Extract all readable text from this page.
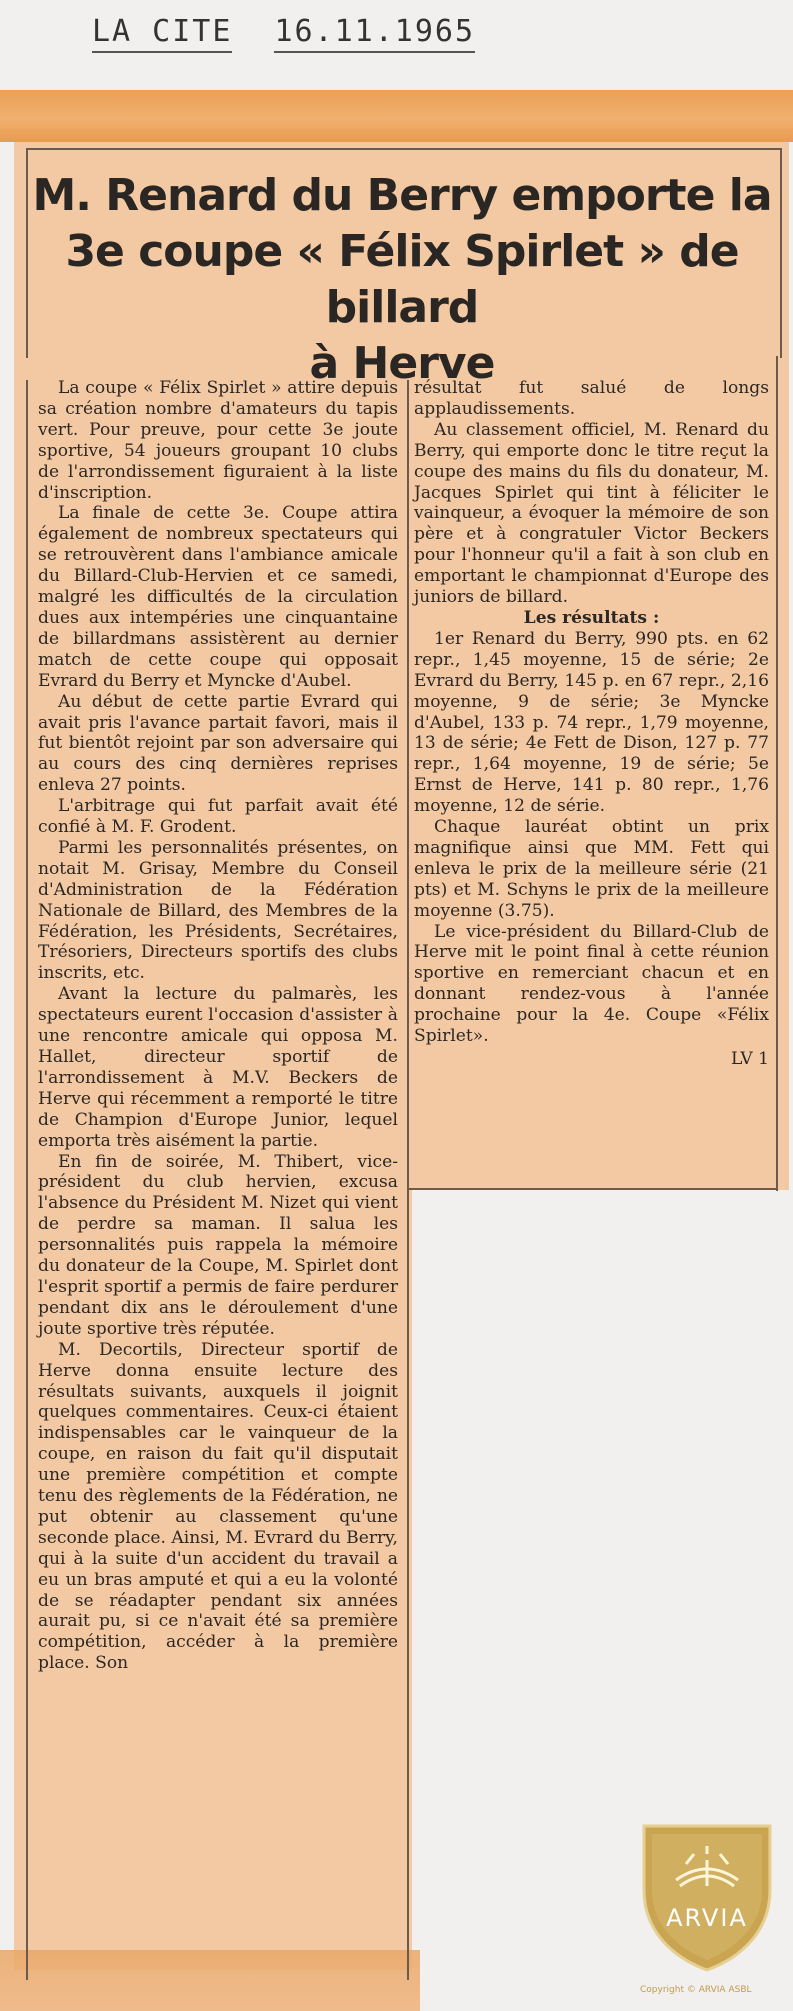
LA CITE 16.11.1965
M. Renard du Berry emporte la
3e coupe « Félix Spirlet » de billard
à Herve

La coupe « Félix Spirlet » attire depuis sa création nombre d'amateurs du tapis vert. Pour preuve, pour cette 3e joute sportive, 54 joueurs groupant 10 clubs de l'arrondissement figuraient à la liste d'inscription.

La finale de cette 3e. Coupe attira également de nombreux spectateurs qui se retrouvèrent dans l'ambiance amicale du Billard-Club-Hervien et ce samedi, malgré les difficultés de la circulation dues aux intempéries une cinquantaine de billardmans assistèrent au dernier match de cette coupe qui opposait Evrard du Berry et Myncke d'Aubel.

Au début de cette partie Evrard qui avait pris l'avance partait favori, mais il fut bientôt rejoint par son adversaire qui au cours des cinq dernières reprises enleva 27 points.

L'arbitrage qui fut parfait avait été confié à M. F. Grodent.

Parmi les personnalités présentes, on notait M. Grisay, Membre du Conseil d'Administration de la Fédération Nationale de Billard, des Membres de la Fédération, les Présidents, Secrétaires, Trésoriers, Directeurs sportifs des clubs inscrits, etc.

Avant la lecture du palmarès, les spectateurs eurent l'occasion d'assister à une rencontre amicale qui opposa M. Hallet, directeur sportif de l'arrondissement à M.V. Beckers de Herve qui récemment a remporté le titre de Champion d'Europe Junior, lequel emporta très aisément la partie.

En fin de soirée, M. Thibert, vice-président du club hervien, excusa l'absence du Président M. Nizet qui vient de perdre sa maman. Il salua les personnalités puis rappela la mémoire du donateur de la Coupe, M. Spirlet dont l'esprit sportif a permis de faire perdurer pendant dix ans le déroulement d'une joute sportive très réputée.

M. Decortils, Directeur sportif de Herve donna ensuite lecture des résultats suivants, auxquels il joignit quelques commentaires. Ceux-ci étaient indispensables car le vainqueur de la coupe, en raison du fait qu'il disputait une première compétition et compte tenu des règlements de la Fédération, ne put obtenir au classement qu'une seconde place. Ainsi, M. Evrard du Berry, qui à la suite d'un accident du travail a eu un bras amputé et qui a eu la volonté de se réadapter pendant six années aurait pu, si ce n'avait été sa première compétition, accéder à la première place. Son

résultat fut salué de longs applaudissements.

Au classement officiel, M. Renard du Berry, qui emporte donc le titre reçut la coupe des mains du fils du donateur, M. Jacques Spirlet qui tint à féliciter le vainqueur, a évoquer la mémoire de son père et à congratuler Victor Beckers pour l'honneur qu'il a fait à son club en emportant le championnat d'Europe des juniors de billard.

Les résultats :

1er Renard du Berry, 990 pts. en 62 repr., 1,45 moyenne, 15 de série; 2e Evrard du Berry, 145 p. en 67 repr., 2,16 moyenne, 9 de série; 3e Myncke d'Aubel, 133 p. 74 repr., 1,79 moyenne, 13 de série; 4e Fett de Dison, 127 p. 77 repr., 1,64 moyenne, 19 de série; 5e Ernst de Herve, 141 p. 80 repr., 1,76 moyenne, 12 de série.

Chaque lauréat obtint un prix magnifique ainsi que MM. Fett qui enleva le prix de la meilleure série (21 pts) et M. Schyns le prix de la meilleure moyenne (3.75).

Le vice-président du Billard-Club de Herve mit le point final à cette réunion sportive en remerciant chacun et en donnant rendez-vous à l'année prochaine pour la 4e. Coupe «Félix Spirlet».

LV 1

ARVIA
Copyright © ARVIA ASBL
